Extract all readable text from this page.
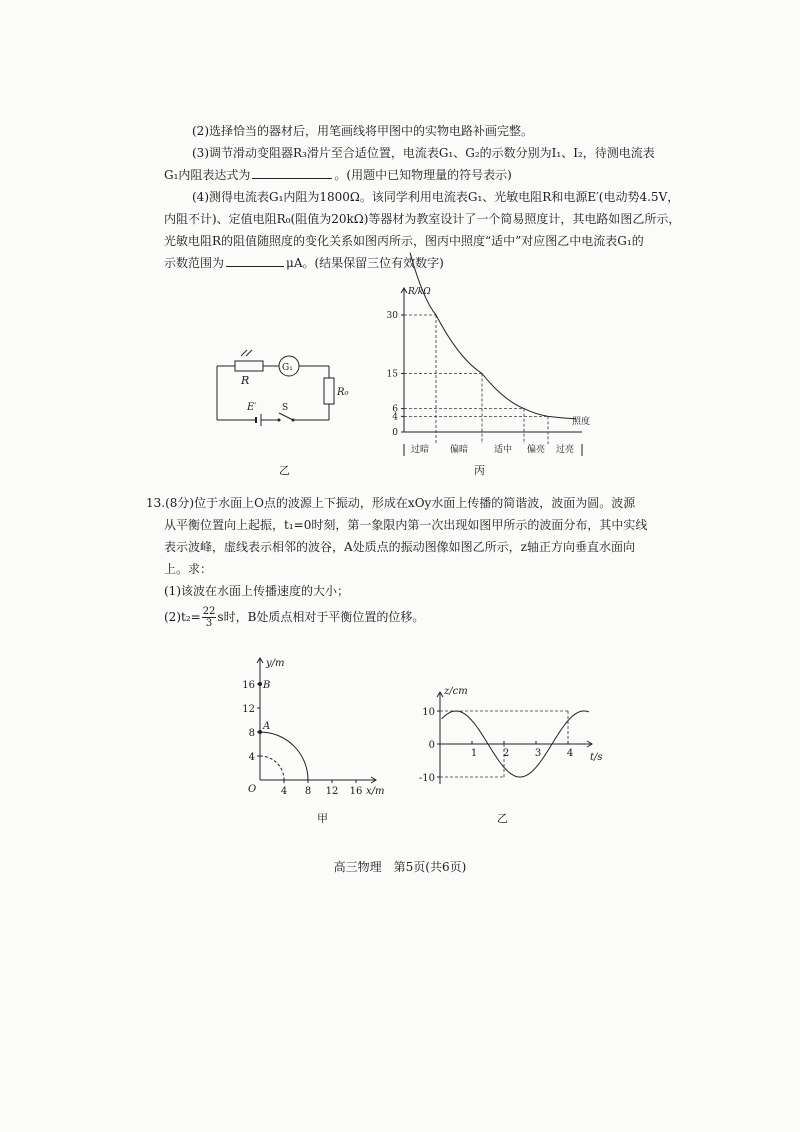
(2)选择恰当的器材后，用笔画线将甲图中的实物电路补画完整。
(3)调节滑动变阻器R₃滑片至合适位置，电流表G₁、G₂的示数分别为I₁、I₂，待测电流表
G₁内阻表达式为	。(用题中已知物理量的符号表示)
(4)测得电流表G₁内阻为1800Ω。该同学利用电流表G₁、光敏电阻R和电源E′(电动势4.5V，
内阻不计)、定值电阻R₀(阻值为20kΩ)等器材为教室设计了一个简易照度计，其电路如图乙所示，
光敏电阻R的阻值随照度的变化关系如图丙所示，图丙中照度“适中”对应图乙中电流表G₁的
示数范围为	μA。(结果保留三位有效数字)
R
G₁
R₀
E′	S
乙
R/kΩ
照度
0
4
6
15
30
过暗 偏暗	适中 偏亮 过亮
丙
13.(8分)位于水面上O点的波源上下振动，形成在xOy水面上传播的简谐波，波面为圆。波源
从平衡位置向上起振，t₁=0时刻，第一象限内第一次出现如图甲所示的波面分布，其中实线
表示波峰，虚线表示相邻的波谷，A处质点的振动图像如图乙所示，z轴正方向垂直水面向
上。求：
(1)该波在水面上传播速度的大小；
$(2)t_2= \frac{22}{3}$ s时，B处质点相对于平衡位置的位移。
16
12
8
4
4 8 12 16
B
A
y/m
x/m
O
甲
10
0
-10
1	2	3	4
z/cm
t/s
乙
高三物理　第5页(共6页)
